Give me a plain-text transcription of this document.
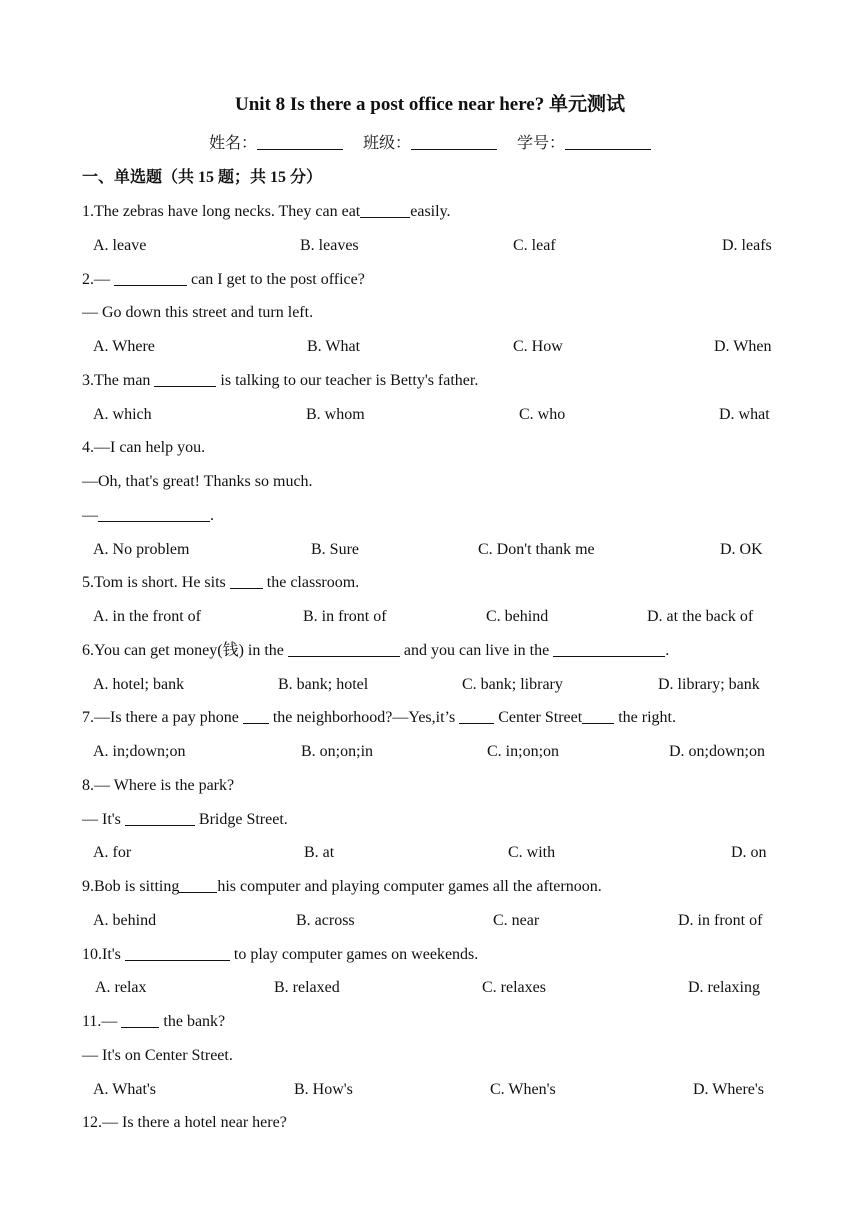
Unit 8 Is there a post office near here? 单元测试
姓名：	班级：	学号：
一、单选题（共 15 题；共 15 分）
1.The zebras have long necks. They can eat	easily.
A. leave	B. leaves	C. leaf	D. leafs
2.—	can I get to the post office?
— Go down this street and turn left.
A. Where	B. What	C. How	D. When
3.The man	is talking to our teacher is Betty's father.
A. which	B. whom	C. who	D. what
4.—I can help you.
—Oh, that's great! Thanks so much.
—	.
A. No problem	B. Sure	C. Don't thank me	D. OK
5.Tom is short. He sits  the classroom.
A. in the front of	B. in front of	C. behind	D. at the back of
6.You can get money(钱) in the	and you can live in the	.
A. hotel; bank	B. bank; hotel	C. bank; library	D. library; bank
7.—Is there a pay phone  the neighborhood?—Yes,it’s  Center Street the right.
A. in;down;on	B. on;on;in	C. in;on;on	D. on;down;on
8.— Where is the park?
— It's	Bridge Street.
A. for	B. at	C. with	D. on
9.Bob is sitting his computer and playing computer games all the afternoon.
A. behind	B. across	C. near	D. in front of
10.It's	to play computer games on weekends.
A. relax	B. relaxed	C. relaxes	D. relaxing
11.—  the bank?
— It's on Center Street.
A. What's	B. How's	C. When's	D. Where's
12.— Is there a hotel near here?
